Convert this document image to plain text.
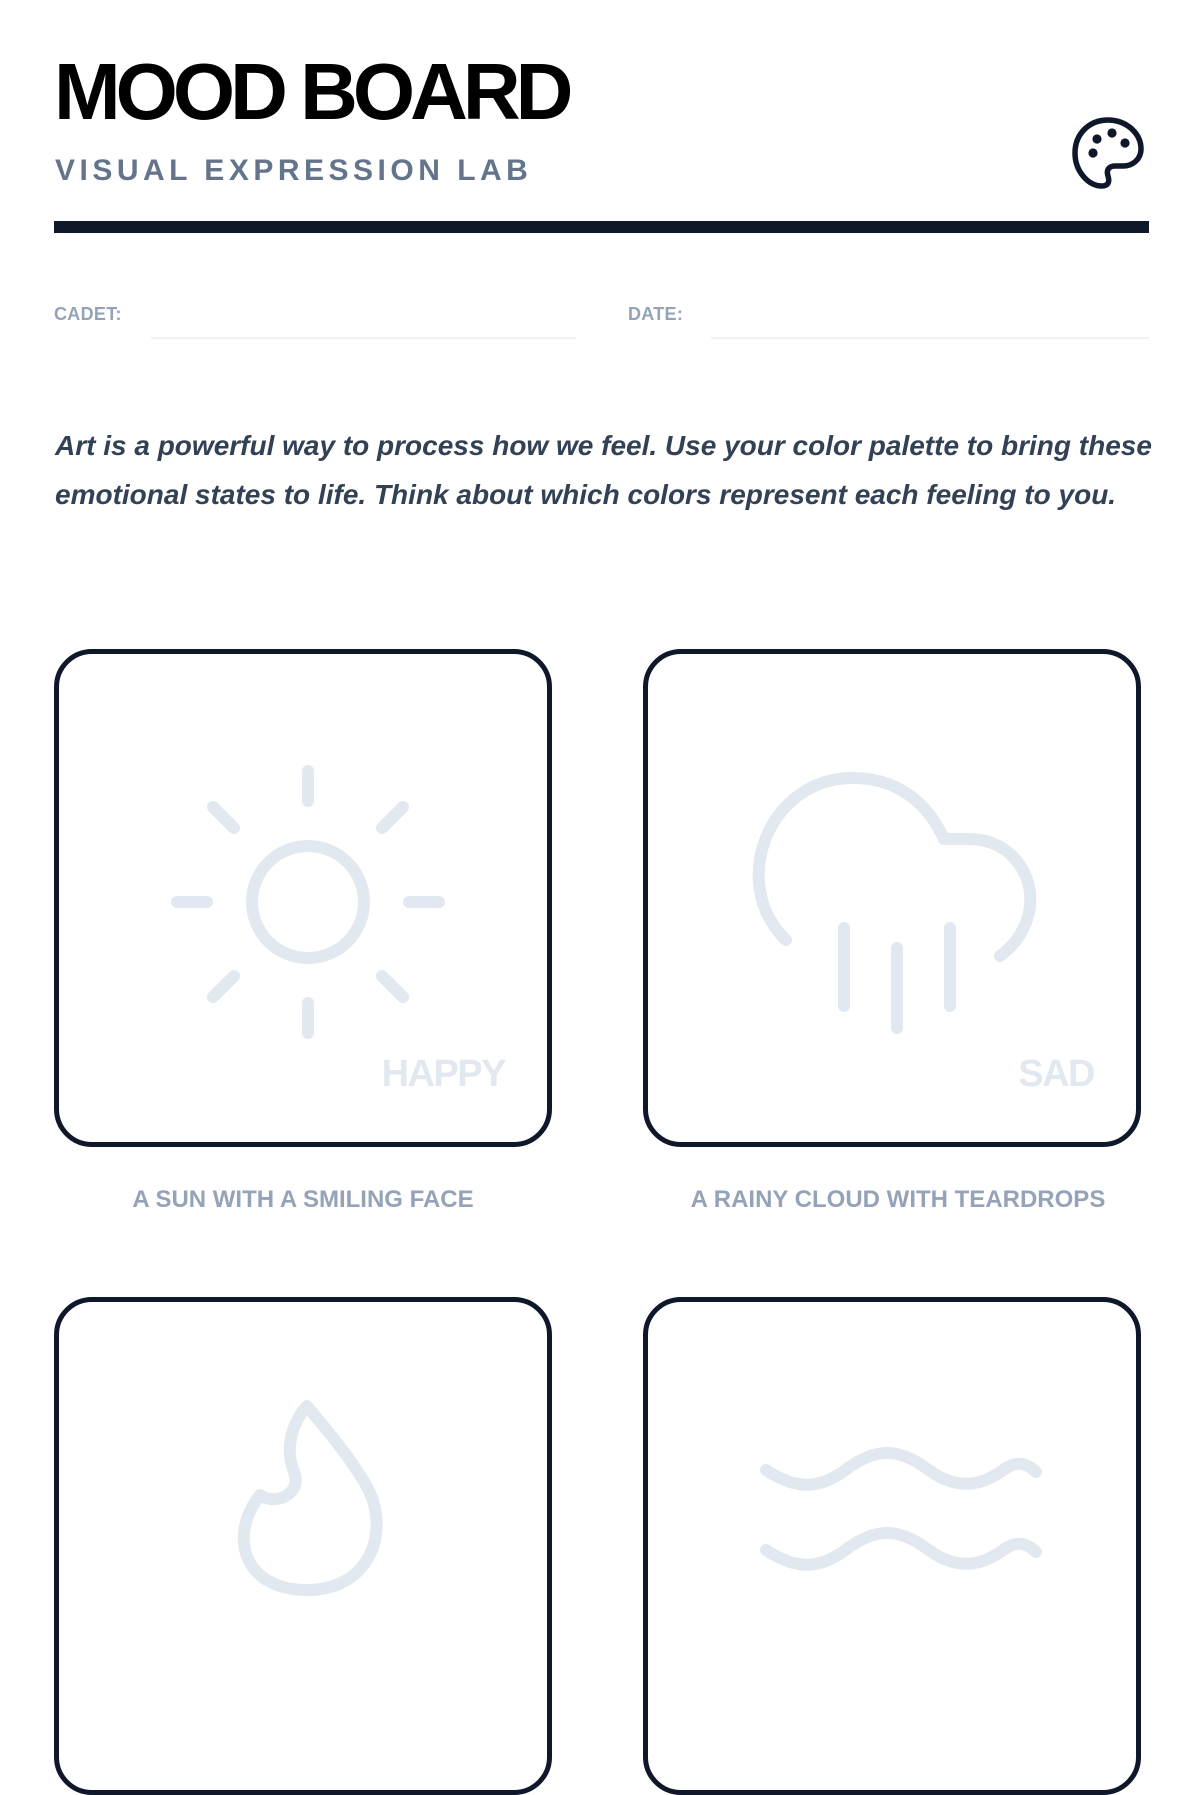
MOOD BOARD
VISUAL EXPRESSION LAB
CADET:	DATE:

Art is a powerful way to process how we feel. Use your color palette to bring these emotional states to life. Think about which colors represent each feeling to you.

HAPPY
A SUN WITH A SMILING FACE
SAD
A RAINY CLOUD WITH TEARDROPS
